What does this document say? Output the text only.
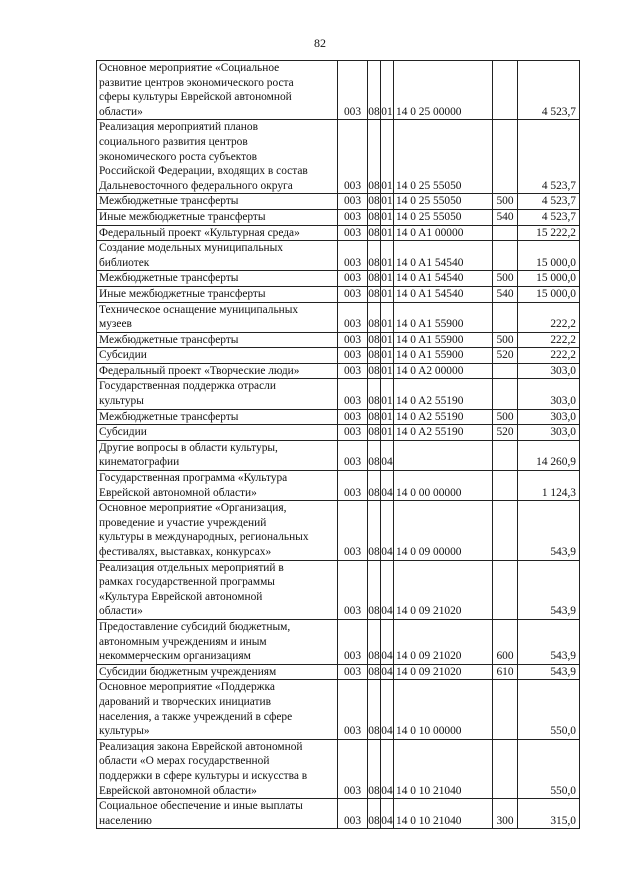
82
Основное мероприятие «Социальное
развитие центров экономического роста
сферы культуры Еврейской автономной
области»	003	08	01	14 0 25 00000		4 523,7
Реализация мероприятий планов
социального развития центров
экономического роста субъектов
Российской Федерации, входящих в состав
Дальневосточного федерального округа	003	08	01	14 0 25 55050		4 523,7
Межбюджетные трансферты	003	08	01	14 0 25 55050	500	4 523,7
Иные межбюджетные трансферты	003	08	01	14 0 25 55050	540	4 523,7
Федеральный проект «Культурная среда»	003	08	01	14 0 A1 00000		15 222,2
Создание модельных муниципальных
библиотек	003	08	01	14 0 A1 54540		15 000,0
Межбюджетные трансферты	003	08	01	14 0 A1 54540	500	15 000,0
Иные межбюджетные трансферты	003	08	01	14 0 A1 54540	540	15 000,0
Техническое оснащение муниципальных
музеев	003	08	01	14 0 A1 55900		222,2
Межбюджетные трансферты	003	08	01	14 0 A1 55900	500	222,2
Субсидии	003	08	01	14 0 A1 55900	520	222,2
Федеральный проект «Творческие люди»	003	08	01	14 0 A2 00000		303,0
Государственная поддержка отрасли
культуры	003	08	01	14 0 A2 55190		303,0
Межбюджетные трансферты	003	08	01	14 0 A2 55190	500	303,0
Субсидии	003	08	01	14 0 A2 55190	520	303,0
Другие вопросы в области культуры,
кинематографии	003	08	04			14 260,9
Государственная программа «Культура
Еврейской автономной области»	003	08	04	14 0 00 00000		1 124,3
Основное мероприятие «Организация,
проведение и участие учреждений
культуры в международных, региональных
фестивалях, выставках, конкурсах»	003	08	04	14 0 09 00000		543,9
Реализация отдельных мероприятий в
рамках государственной программы
«Культура Еврейской автономной
области»	003	08	04	14 0 09 21020		543,9
Предоставление субсидий бюджетным,
автономным учреждениям и иным
некоммерческим организациям	003	08	04	14 0 09 21020	600	543,9
Субсидии бюджетным учреждениям	003	08	04	14 0 09 21020	610	543,9
Основное мероприятие «Поддержка
дарований и творческих инициатив
населения, а также учреждений в сфере
культуры»	003	08	04	14 0 10 00000		550,0
Реализация закона Еврейской автономной
области «О мерах государственной
поддержки в сфере культуры и искусства в
Еврейской автономной области»	003	08	04	14 0 10 21040		550,0
Социальное обеспечение и иные выплаты
населению	003	08	04	14 0 10 21040	300	315,0
